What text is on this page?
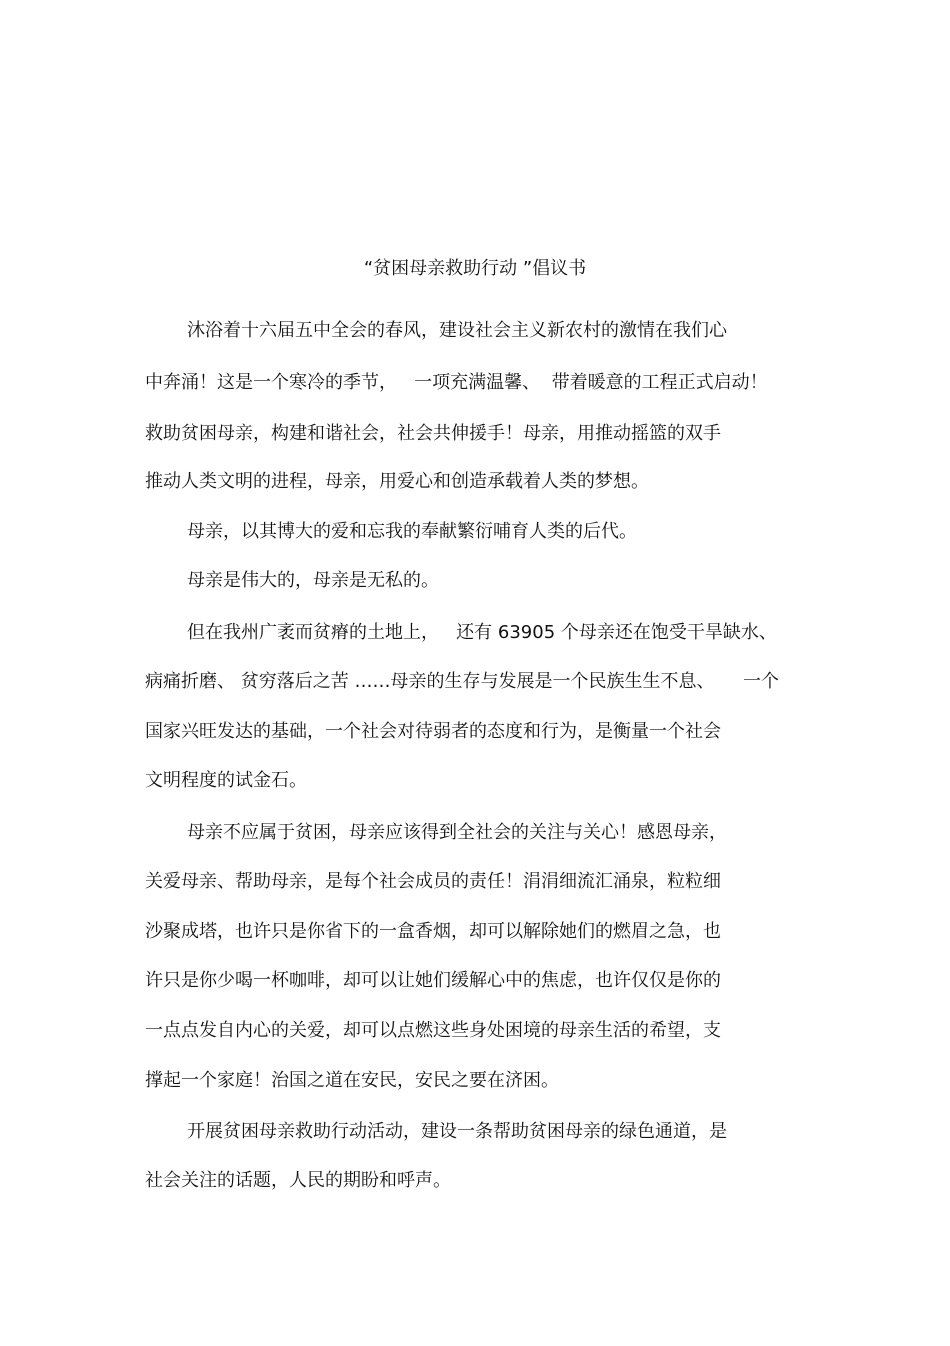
“贫困母亲救助行动 ”倡议书
沐浴着十六届五中全会的春风，建设社会主义新农村的激情在我们心
中奔涌！这是一个寒冷的季节，   一项充满温馨、  带着暖意的工程正式启动！
救助贫困母亲，构建和谐社会，社会共伸援手！母亲，用推动摇篮的双手
推动人类文明的进程，母亲，用爱心和创造承载着人类的梦想。
母亲，以其博大的爱和忘我的奉献繁衍哺育人类的后代。
母亲是伟大的，母亲是无私的。
但在我州广袤而贫瘠的土地上，   还有 63905 个母亲还在饱受干旱缺水、
病痛折磨、 贫穷落后之苦 ……母亲的生存与发展是一个民族生生不息、     一个
国家兴旺发达的基础，一个社会对待弱者的态度和行为，是衡量一个社会
文明程度的试金石。
母亲不应属于贫困，母亲应该得到全社会的关注与关心！感恩母亲，
关爱母亲、帮助母亲，是每个社会成员的责任！涓涓细流汇涌泉，粒粒细
沙聚成塔，也许只是你省下的一盒香烟，却可以解除她们的燃眉之急，也
许只是你少喝一杯咖啡，却可以让她们缓解心中的焦虑，也许仅仅是你的
一点点发自内心的关爱，却可以点燃这些身处困境的母亲生活的希望，支
撑起一个家庭！治国之道在安民，安民之要在济困。
开展贫困母亲救助行动活动，建设一条帮助贫困母亲的绿色通道，是
社会关注的话题，人民的期盼和呼声。
